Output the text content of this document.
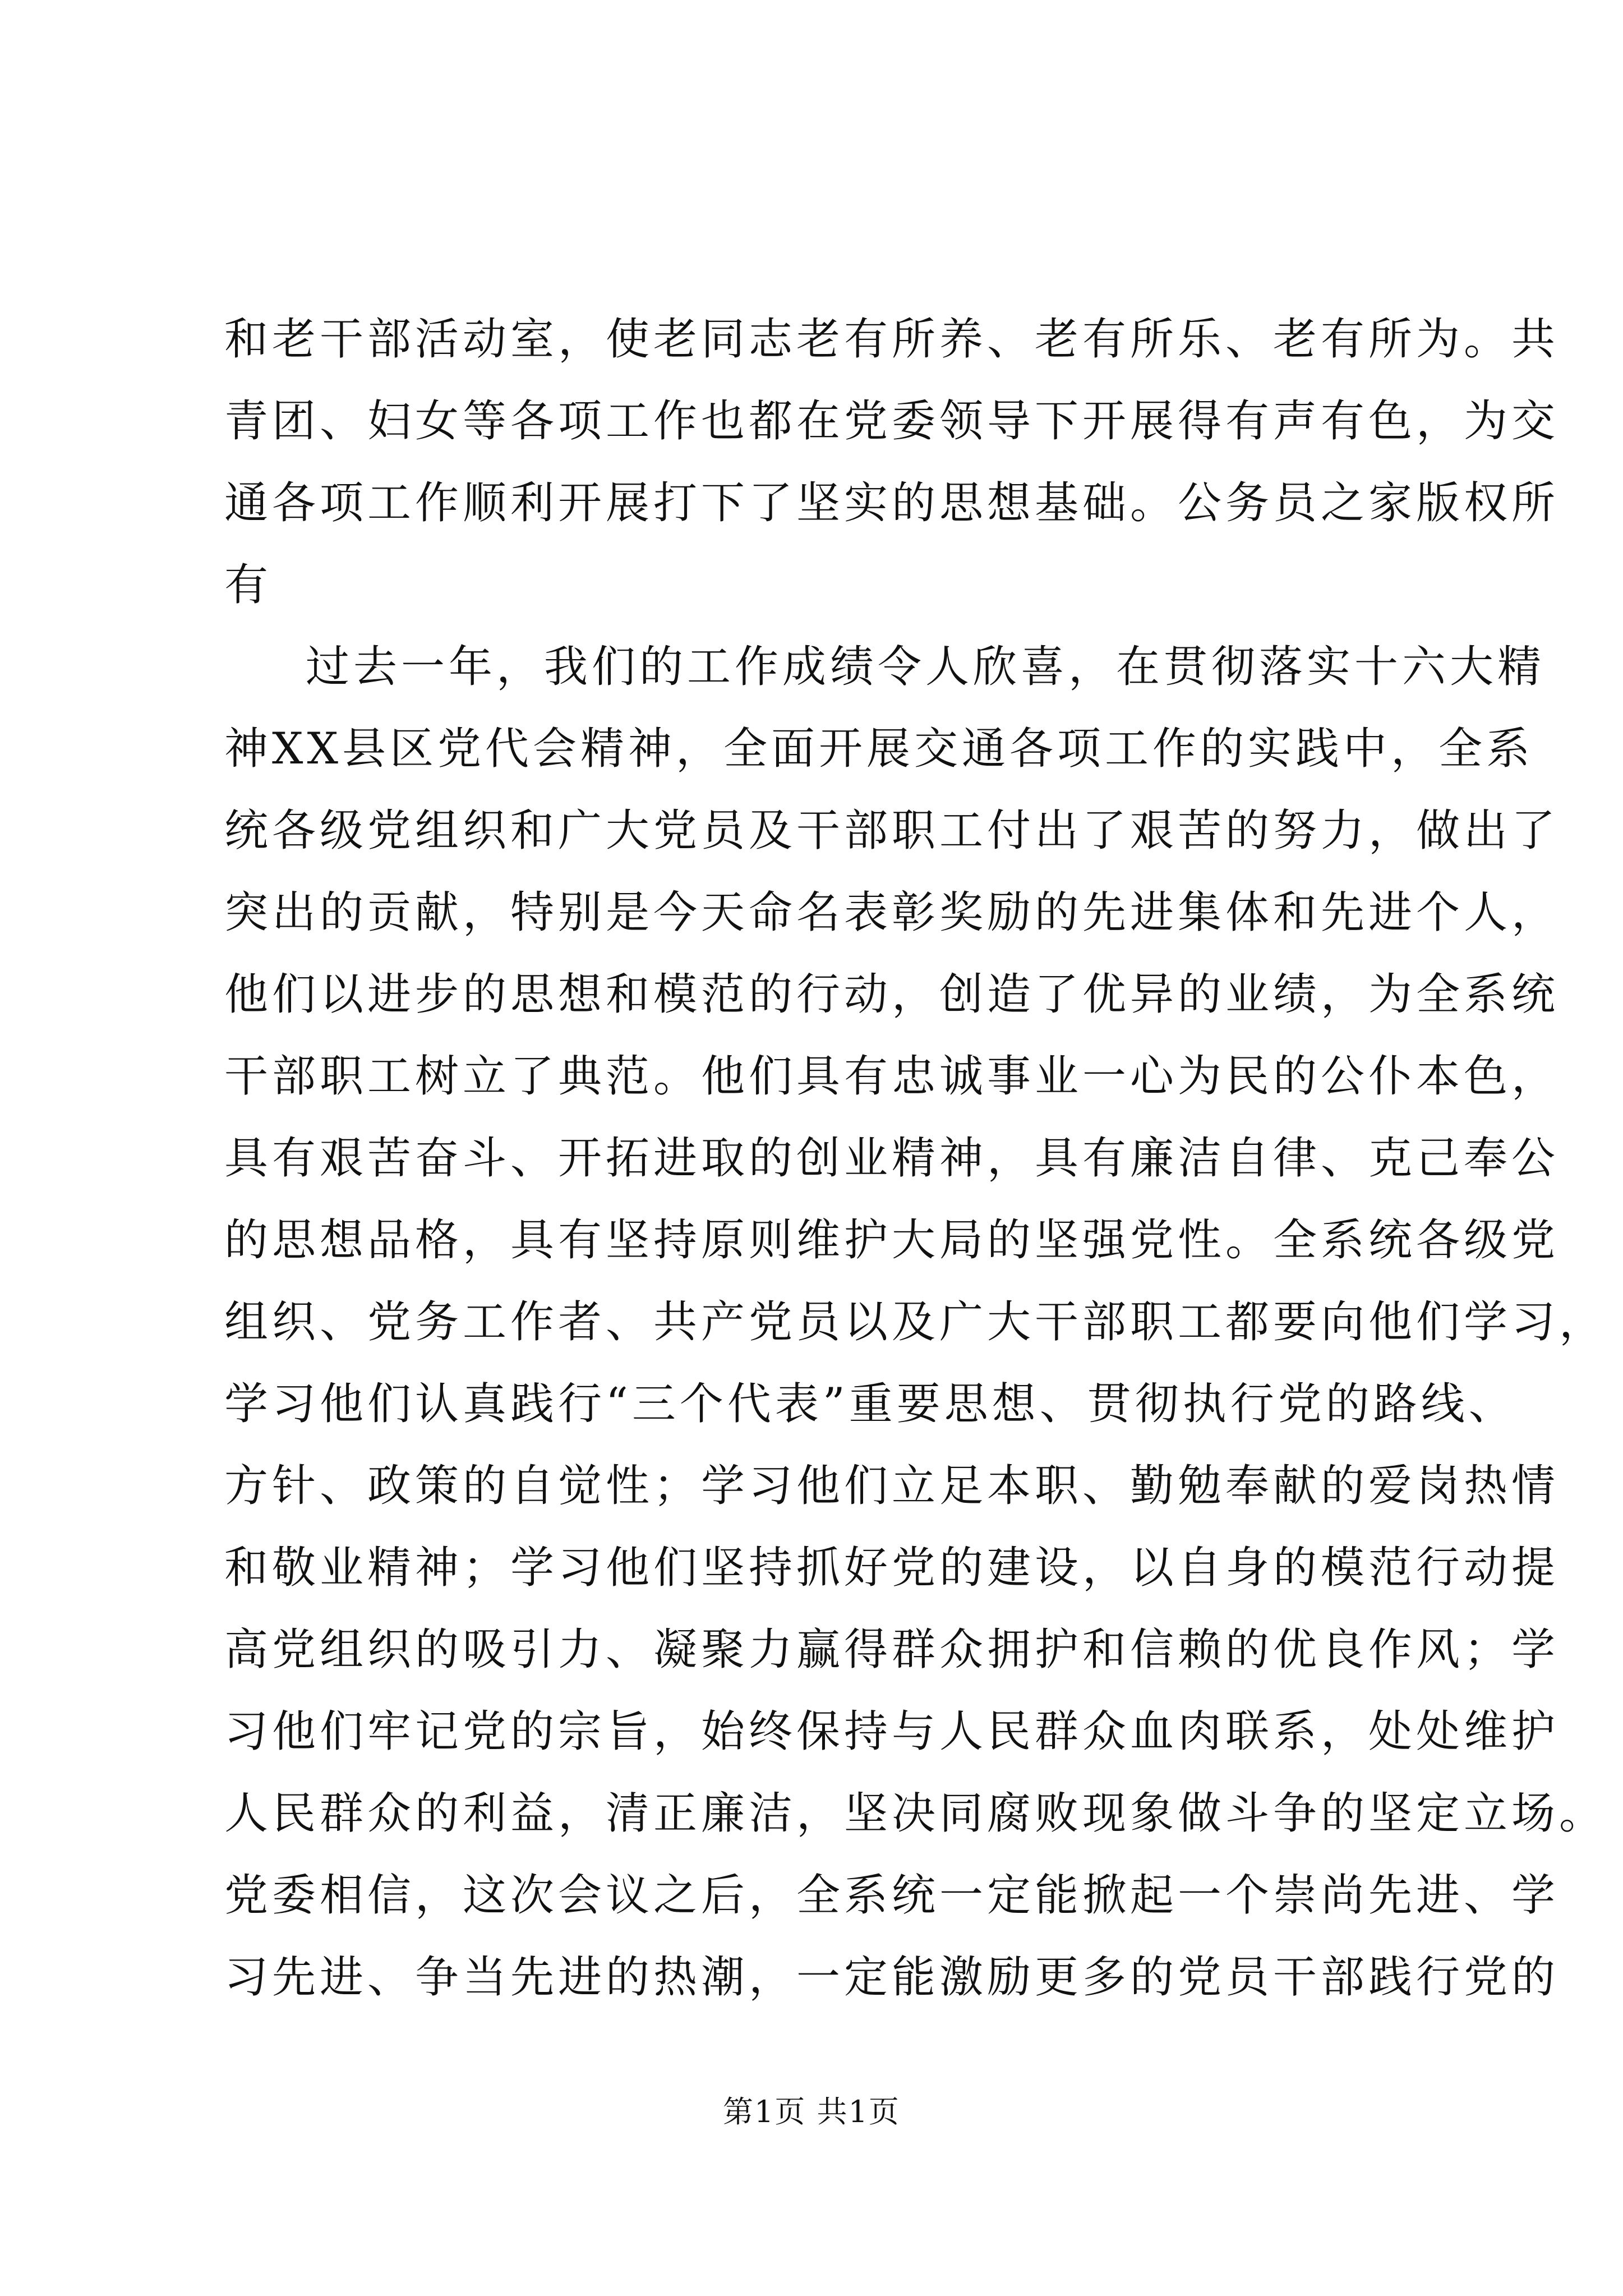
和老干部活动室，使老同志老有所养、老有所乐、老有所为。共
青团、妇女等各项工作也都在党委领导下开展得有声有色，为交
通各项工作顺利开展打下了坚实的思想基础。公务员之家版权所
有
过去一年，我们的工作成绩令人欣喜，在贯彻落实十六大精
神XX县区党代会精神，全面开展交通各项工作的实践中，全系
统各级党组织和广大党员及干部职工付出了艰苦的努力，做出了
突出的贡献，特别是今天命名表彰奖励的先进集体和先进个人，
他们以进步的思想和模范的行动，创造了优异的业绩，为全系统
干部职工树立了典范。他们具有忠诚事业一心为民的公仆本色，
具有艰苦奋斗、开拓进取的创业精神，具有廉洁自律、克己奉公
的思想品格，具有坚持原则维护大局的坚强党性。全系统各级党
组织、党务工作者、共产党员以及广大干部职工都要向他们学习，
学习他们认真践行“三个代表”重要思想、贯彻执行党的路线、
方针、政策的自觉性；学习他们立足本职、勤勉奉献的爱岗热情
和敬业精神；学习他们坚持抓好党的建设，以自身的模范行动提
高党组织的吸引力、凝聚力赢得群众拥护和信赖的优良作风；学
习他们牢记党的宗旨，始终保持与人民群众血肉联系，处处维护
人民群众的利益，清正廉洁，坚决同腐败现象做斗争的坚定立场。
党委相信，这次会议之后，全系统一定能掀起一个崇尚先进、学
习先进、争当先进的热潮，一定能激励更多的党员干部践行党的
第1页 共1页
